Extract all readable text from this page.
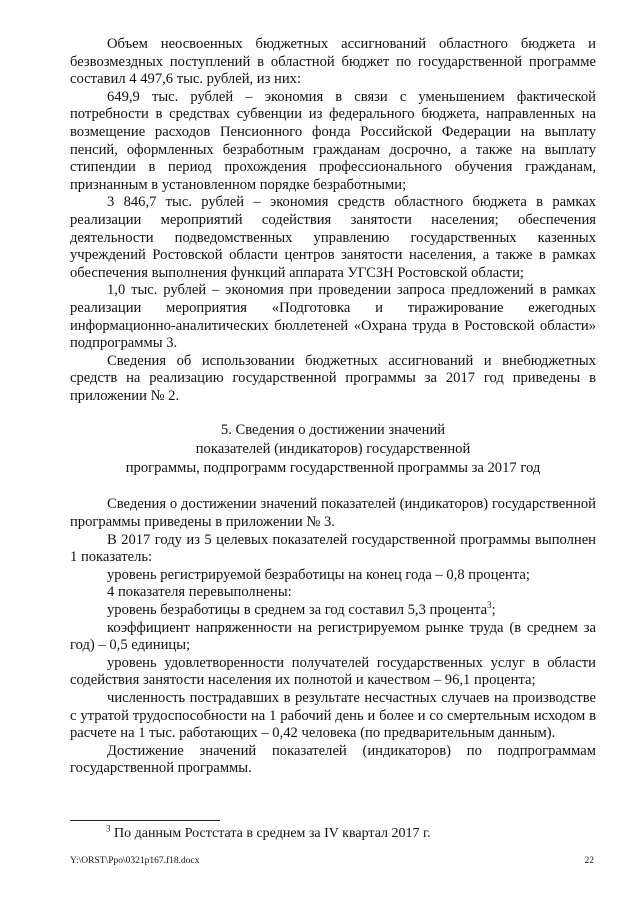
Объем неосвоенных бюджетных ассигнований областного бюджета и безвозмездных поступлений в областной бюджет по государственной программе составил 4 497,6 тыс. рублей, из них:

649,9 тыс. рублей – экономия в связи с уменьшением фактической потребности в средствах субвенции из федерального бюджета, направленных на возмещение расходов Пенсионного фонда Российской Федерации на выплату пенсий, оформленных безработным гражданам досрочно, а также на выплату стипендии в период прохождения профессионального обучения гражданам, признанным в установленном порядке безработными;

3 846,7 тыс. рублей – экономия средств областного бюджета в рамках реализации мероприятий содействия занятости населения; обеспечения деятельности подведомственных управлению государственных казенных учреждений Ростовской области центров занятости населения, а также в рамках обеспечения выполнения функций аппарата УГСЗН Ростовской области;

1,0 тыс. рублей – экономия при проведении запроса предложений в рамках реализации мероприятия «Подготовка и тиражирование ежегодных информационно-аналитических бюллетеней «Охрана труда в Ростовской области» подпрограммы 3.

Сведения об использовании бюджетных ассигнований и внебюджетных средств на реализацию государственной программы за 2017 год приведены в приложении № 2.

5. Сведения о достижении значений
показателей (индикаторов) государственной
программы, подпрограмм государственной программы за 2017 год

Сведения о достижении значений показателей (индикаторов) государственной программы приведены в приложении № 3.

В 2017 году из 5 целевых показателей государственной программы выполнен 1 показатель:

уровень регистрируемой безработицы на конец года – 0,8 процента;

4 показателя перевыполнены:

уровень безработицы в среднем за год составил 5,3 процента$^3$;

коэффициент напряженности на регистрируемом рынке труда (в среднем за год) – 0,5 единицы;

уровень удовлетворенности получателей государственных услуг в области содействия занятости населения их полнотой и качеством – 96,1 процента;

численность пострадавших в результате несчастных случаев на производстве с утратой трудоспособности на 1 рабочий день и более и со смертельным исходом в расчете на 1 тыс. работающих – 0,42 человека (по предварительным данным).

Достижение значений показателей (индикаторов) по подпрограммам государственной программы.

$^3$ По данным Ростстата в среднем за IV квартал 2017 г.
Y:\ORST\Ppo\0321p167.f18.docx	22
